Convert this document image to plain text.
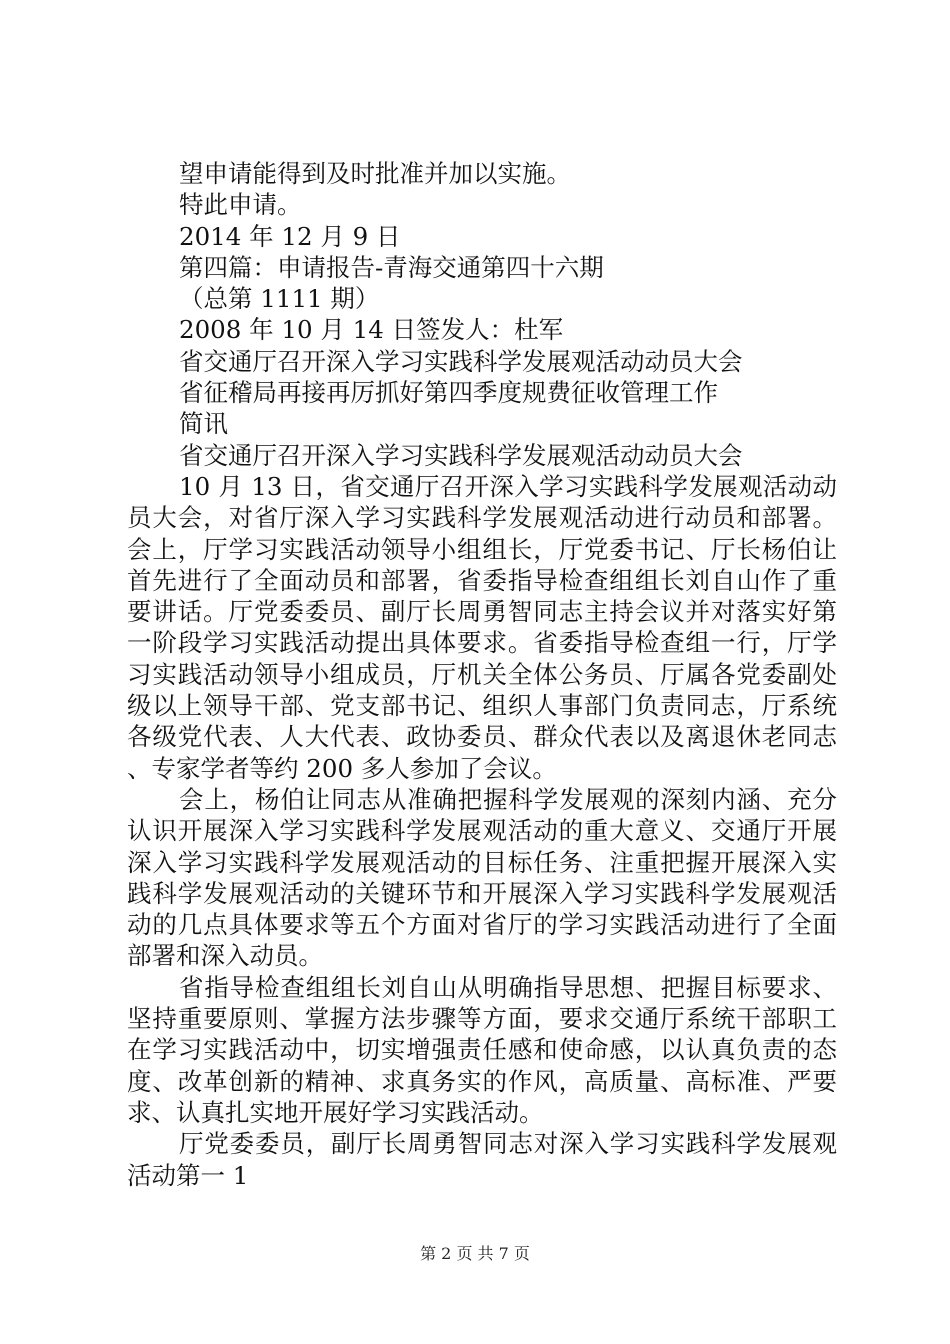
望申请能得到及时批准并加以实施。

特此申请。

2014 年 12 月 9 日

第四篇：申请报告-青海交通第四十六期

（总第 1111 期）

2008 年 10 月 14 日签发人：杜军

省交通厅召开深入学习实践科学发展观活动动员大会

省征稽局再接再厉抓好第四季度规费征收管理工作

简讯

省交通厅召开深入学习实践科学发展观活动动员大会

10 月 13 日，省交通厅召开深入学习实践科学发展观活动动员大会，对省厅深入学习实践科学发展观活动进行动员和部署。会上，厅学习实践活动领导小组组长，厅党委书记、厅长杨伯让首先进行了全面动员和部署，省委指导检查组组长刘自山作了重要讲话。厅党委委员、副厅长周勇智同志主持会议并对落实好第一阶段学习实践活动提出具体要求。省委指导检查组一行，厅学习实践活动领导小组成员，厅机关全体公务员、厅属各党委副处级以上领导干部、党支部书记、组织人事部门负责同志，厅系统各级党代表、人大代表、政协委员、群众代表以及离退休老同志、专家学者等约 200 多人参加了会议。

会上，杨伯让同志从准确把握科学发展观的深刻内涵、充分认识开展深入学习实践科学发展观活动的重大意义、交通厅开展深入学习实践科学发展观活动的目标任务、注重把握开展深入实践科学发展观活动的关键环节和开展深入学习实践科学发展观活动的几点具体要求等五个方面对省厅的学习实践活动进行了全面部署和深入动员。

省指导检查组组长刘自山从明确指导思想、把握目标要求、坚持重要原则、掌握方法步骤等方面，要求交通厅系统干部职工在学习实践活动中，切实增强责任感和使命感，以认真负责的态度、改革创新的精神、求真务实的作风，高质量、高标准、严要求、认真扎实地开展好学习实践活动。

厅党委委员，副厅长周勇智同志对深入学习实践科学发展观活动第一 1

第 2 页 共 7 页
